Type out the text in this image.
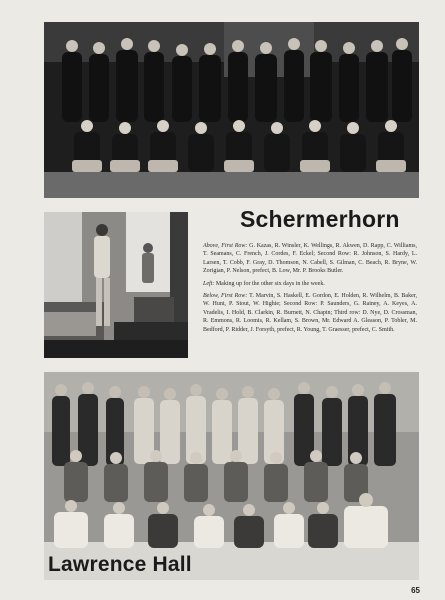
Schermerhorn

Above, First Row: G. Kazas, R. Winsler, K. Wellings, R. Akwen, D. Rapp, C. Williams, T. Seamans, C. French, J. Cordes, F. Eckel; Second Row: R. Johnson, S. Hardy, L. Larsen, T. Cobb, F. Gray, D. Thomson, N. Cabell, S. Gilman, C. Beach, R. Bryne, W. Zorigian, P. Nelson, prefect, B. Low, Mr. P. Brooks Butler.

Left: Making up for the other six days in the week.

Below, First Row: T. Marvin, S. Haskell, E. Gordon, E. Holden, R. Wilhelm, B. Baker, W. Hunt, P. Stout, W. Highie; Second Row: P. Saunders, G. Rainey, A. Keyes, A. Vradelis, I. Hold, B. Clarkin, R. Burnett, N. Chapin; Third row: D. Nye, D. Crossman, R. Emmons, R. Loomis, R. Kellam, S. Brown, Mr. Edward A. Gleason, P. Tobler, M. Bedford, P. Ridder, J. Forsyth, prefect, R. Young, T. Graesser, prefect, C. Smith.

Lawrence Hall
65
